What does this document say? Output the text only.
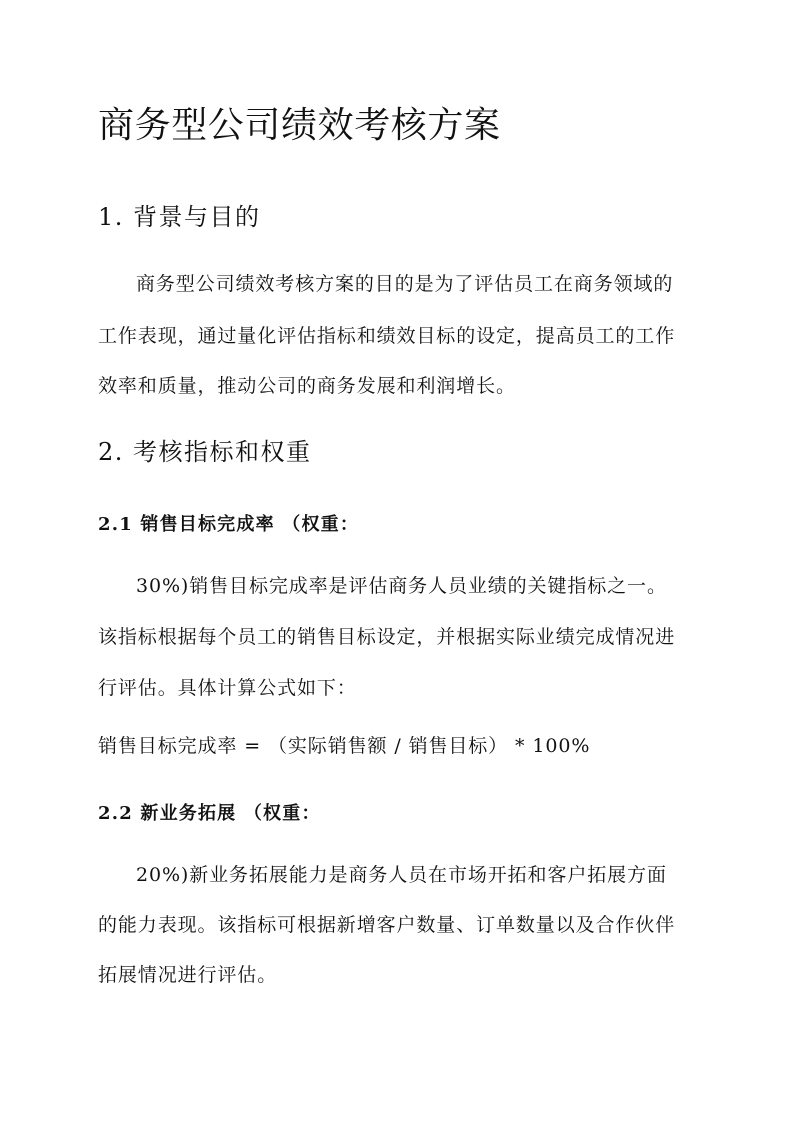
商务型公司绩效考核方案
1. 背景与目的

商务型公司绩效考核方案的目的是为了评估员工在商务领域的

工作表现，通过量化评估指标和绩效目标的设定，提高员工的工作

效率和质量，推动公司的商务发展和利润增长。

2. 考核指标和权重
2.1 销售目标完成率 （权重：

30%)销售目标完成率是评估商务人员业绩的关键指标之一。

该指标根据每个员工的销售目标设定，并根据实际业绩完成情况进

行评估。具体计算公式如下：

销售目标完成率 = （实际销售额 / 销售目标） * 100%

2.2 新业务拓展 （权重：

20%)新业务拓展能力是商务人员在市场开拓和客户拓展方面

的能力表现。该指标可根据新增客户数量、订单数量以及合作伙伴

拓展情况进行评估。
